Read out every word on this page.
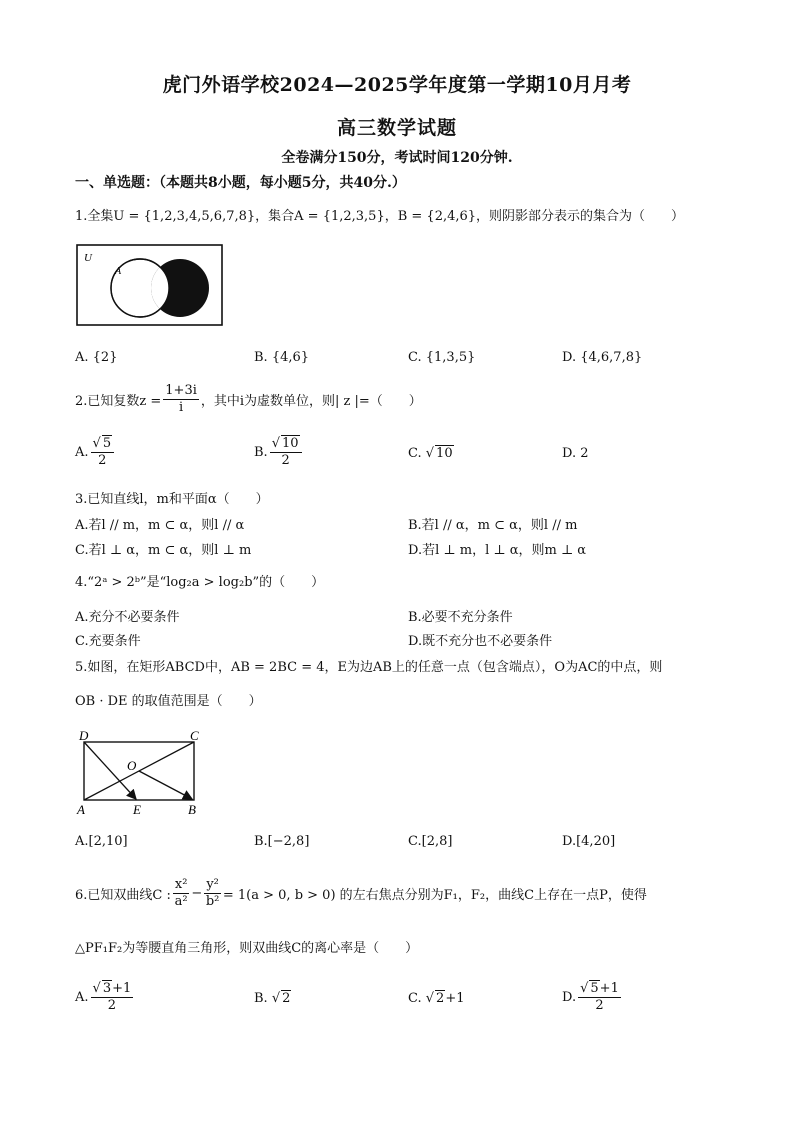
虎门外语学校2024—2025学年度第一学期10月月考
高三数学试题
全卷满分150分，考试时间120分钟.
一、单选题：（本题共8小题，每小题5分，共40分.）
1.全集U = {1,2,3,4,5,6,7,8}，集合A = {1,2,3,5}，B = {2,4,6}，则阴影部分表示的集合为（　　）
U
A
A. {2}	B. {4,6}	C. {1,3,5}	D. {4,6,7,8}
2.已知复数$z = \frac{1+3i}{i}$ ，其中i为虚数单位，则| z |=（　　）
A. $\frac{√ 5}{2}$	B. $\frac{√ 10}{2}$	C. √ 10	D. 2
3.已知直线l，m和平面α（　　）
A.若l // m，m ⊂ α，则l // α	B.若l // α，m ⊂ α，则l // m
C.若l ⊥ α，m ⊂ α，则l ⊥ m	D.若l ⊥ m，l ⊥ α，则m ⊥ α
4.“2ᵃ > 2ᵇ”是“log₂a > log₂b”的（　　）
A.充分不必要条件	B.必要不充分条件
C.充要条件	D.既不充分也不必要条件
5.如图，在矩形ABCD中，AB = 2BC = 4，E为边AB上的任意一点（包含端点），O为AC的中点，则
OB · DE 的取值范围是（　　）
D	C
A	E	B
O
A.[2,10]	B.[−2,8]	C.[2,8]	D.[4,20]
6.已知双曲线C : $\frac{\text{x²}}{\text{a²}} - \frac{\text{y²}}{\text{b²}} = 1(a > 0$, b > 0) 的左右焦点分别为F₁，F₂，曲线C上存在一点P，使得
△PF₁F₂为等腰直角三角形，则双曲线C的离心率是（　　）
A. $\frac{√ 3+1}{2}$	B. √ 2	C. √ 2+1	D. $\frac{√ 5+1}{2}$
